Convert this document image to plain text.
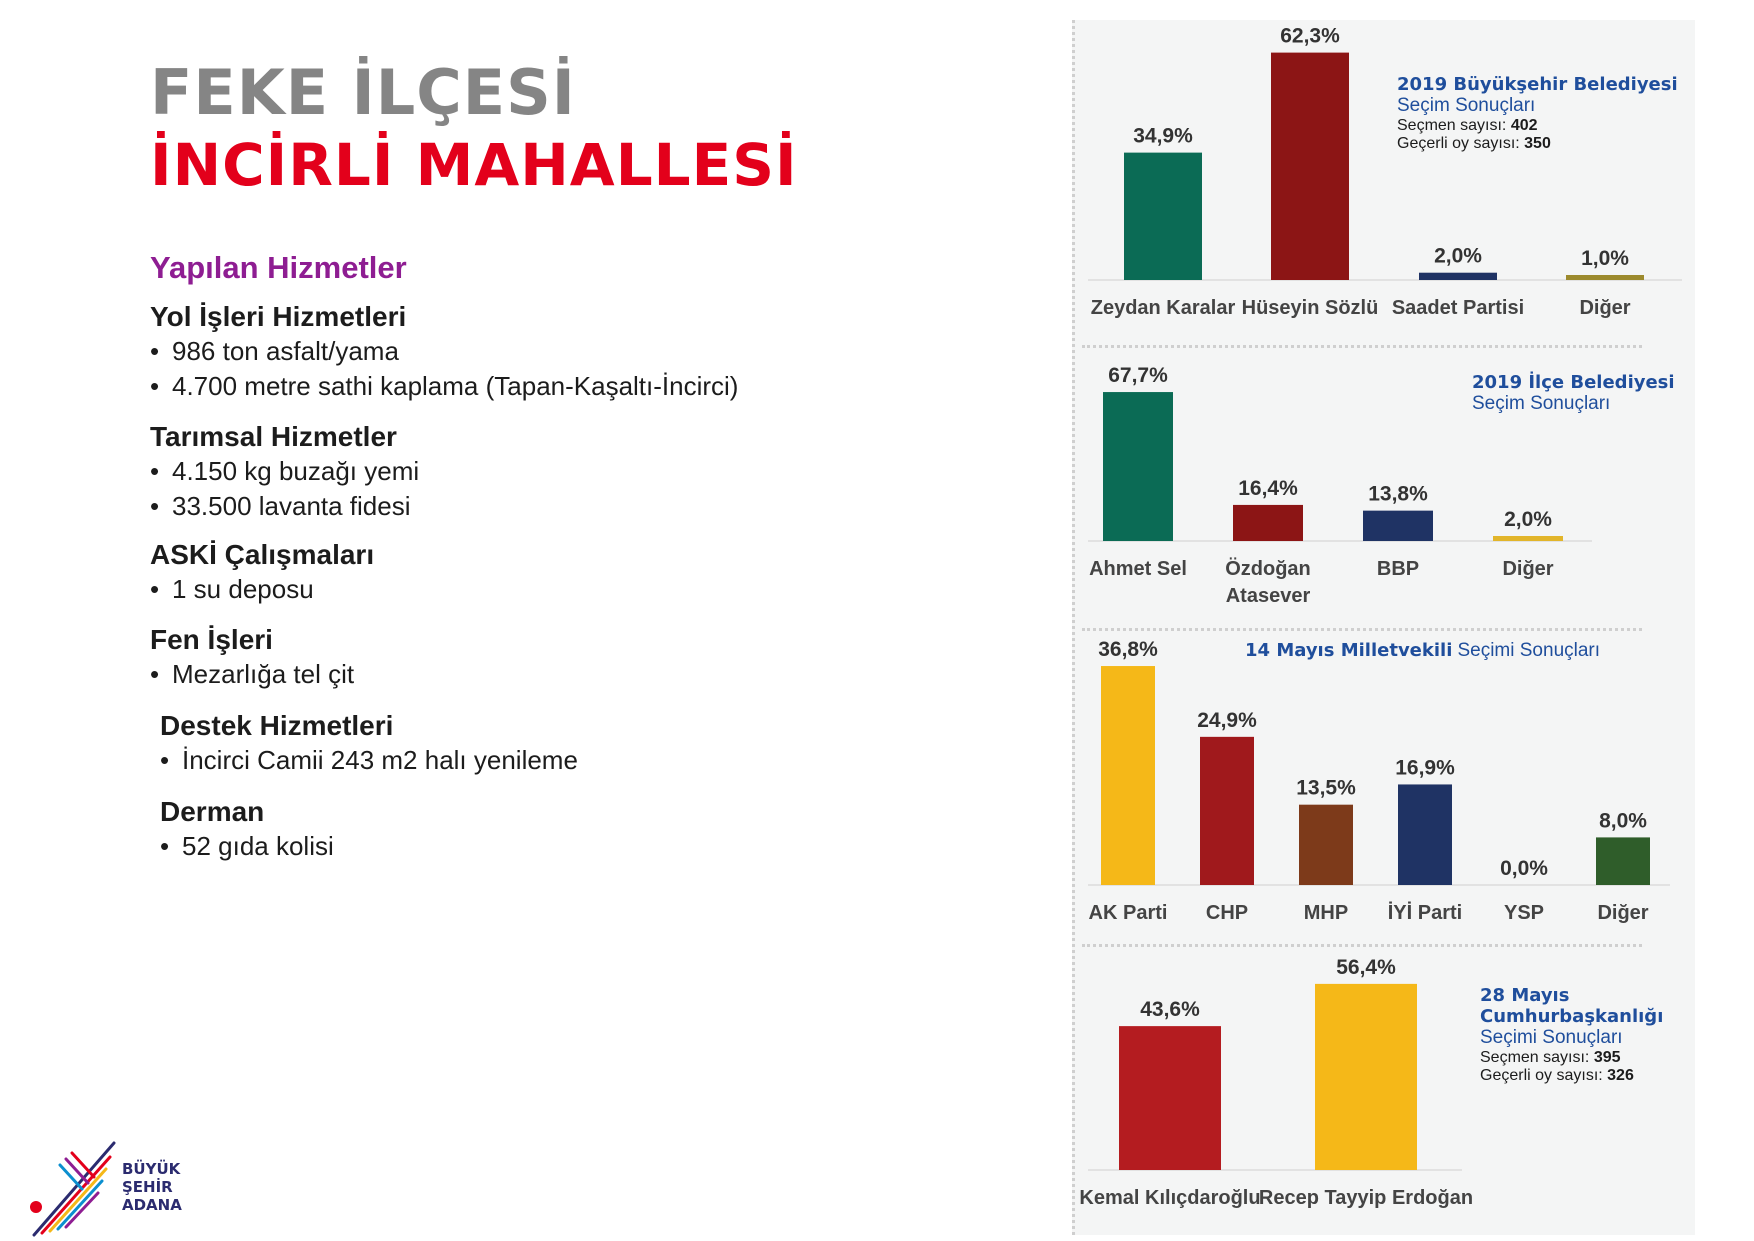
FEKE İLÇESİ
İNCİRLİ MAHALLESİ
Yapılan Hizmetler
Yol İşleri Hizmetleri
• 986 ton asfalt/yama
• 4.700 metre sathi kaplama (Tapan-Kaşaltı-İncirci)
Tarımsal Hizmetler
• 4.150 kg buzağı yemi
• 33.500 lavanta fidesi
ASKİ Çalışmaları
• 1 su deposu
Fen İşleri
• Mezarlığa tel çit
Destek Hizmetleri
• İncirci Camii 243 m2 halı yenileme
Derman
• 52 gıda kolisi
BÜYÜK
ŞEHİR
ADANA
34,9%
Zeydan Karalar
62,3%
Hüseyin Sözlü
2,0%
Saadet Partisi
1,0%
Diğer
67,7%
Ahmet Sel
16,4%
Özdoğan
Atasever
13,8%
BBP
2,0%
Diğer
36,8%
AK Parti
24,9%
CHP
13,5%
MHP
16,9%
İYİ Parti
0,0%
YSP
8,0%
Diğer
43,6%
Kemal Kılıçdaroğlu
56,4%
Recep Tayyip Erdoğan
2019 Büyükşehir Belediyesi
Seçim Sonuçları
Seçmen sayısı: 402
Geçerli oy sayısı: 350
2019 İlçe Belediyesi
Seçim Sonuçları
14 Mayıs Milletvekili Seçimi Sonuçları
28 Mayıs
Cumhurbaşkanlığı
Seçimi Sonuçları
Seçmen sayısı: 395
Geçerli oy sayısı: 326
